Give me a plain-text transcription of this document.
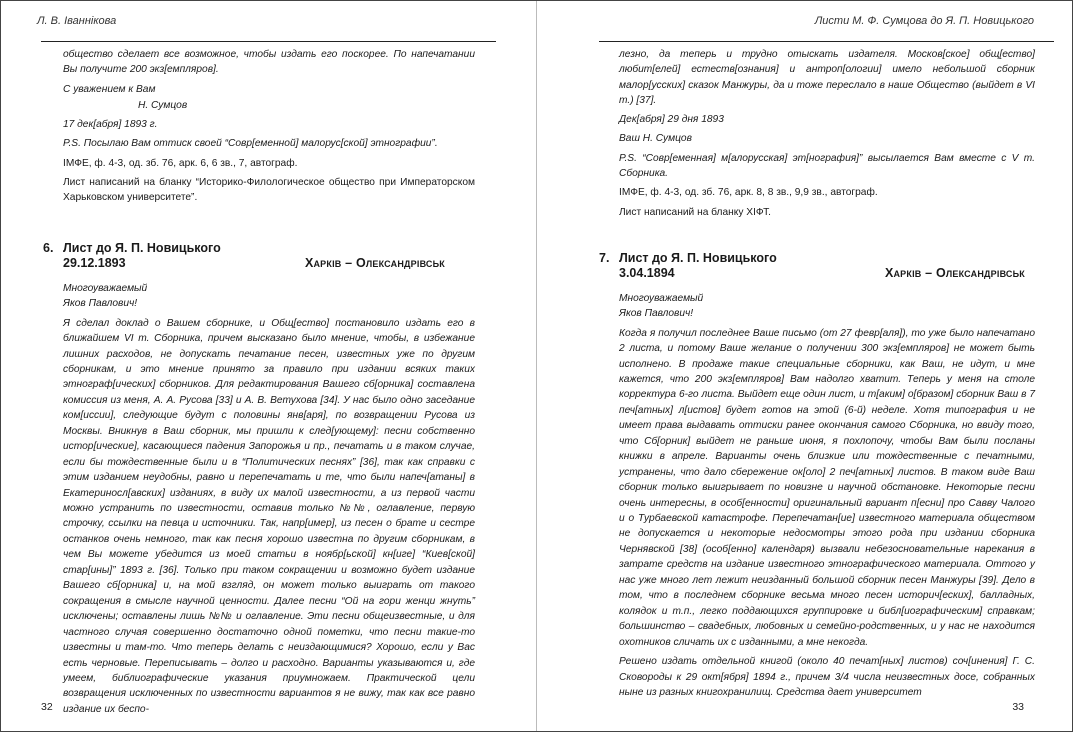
Л. В. Іваннікова

общество сделает все возможное, чтобы издать его поскорее. По напечатании Вы получите 200 экз[емпляров].

С уважением к Вам

Н. Сумцов

17 дек[абря] 1893 г.

P.S. Посылаю Вам оттиск своей “Совр[еменной] малорус[ской] этнографии”.

ІМФЕ, ф. 4-3, од. зб. 76, арк. 6, 6 зв., 7, автограф.

Лист написаний на бланку “Историко-Филологическое общество при Императорском Харьковском университете”.

6. Лист до Я. П. Новицького
29.12.1893	Харків – Олександрівськ

Многоуважаемый

Яков Павлович!

Я сделал доклад о Вашем сборнике, и Общ[ество] постановило издать его в ближайшем VI т. Сборника, причем высказано было мнение, чтобы, в избежание лишних расходов, не допускать печатание песен, известных уже по другим сборникам, и это мнение принято за правило при издании всяких таких этнограф[ических] сборников. Для редактирования Вашего сб[орника] составлена комиссия из меня, А. А. Русова [33] и А. В. Ветухова [34]. У нас было одно заседание ком[иссии], следующие будут с половины янв[аря], по возвращении Русова из Москвы. Вникнув в Ваш сборник, мы пришли к след[ующему]: песни собственно истор[ические], касающиеся падения Запорожья и пр., печатать и в таком случае, если бы тождественные были и в “Политических песнях” [36], так как справки с этим изданием неудобны, равно и перепечатать и те, что были напеч[атаны] в Екатериносл[авских] изданиях, в виду их малой известности, а из первой части можно устранить по известности, оставив только №№, оглавление, первую строчку, ссылки на певца и источники. Так, напр[имер], из песен о брате и сестре останков очень немного, так как песня хорошо известна по другим сборникам, в чем Вы можете убедится из моей статьи в ноябр[ьской] кн[иге] “Киев[ской] стар[ины]” 1893 г. [36]. Только при таком сокращении и возможно будет издание Вашего сб[орника] и, на мой взгляд, он может только выиграть от такого сокращения в смысле научной ценности. Далее песни “Ой на гори женци жнуть” исключены; оставлены лишь №№ и оглавление. Эти песни общеизвестные, и для частного случая совершенно достаточно одной пометки, что песни такие-то известны и там-то. Что теперь делать с неиздающимися? Хорошо, если у Вас есть черновые. Переписывать – долго и расходно. Варианты указываются и, где умеем, библиографические указания приумножаем. Практической цели возвращения исключенных по известности вариантов я не вижу, так как все равно издание их беспо-

32
Листи М. Ф. Сумцова до Я. П. Новицького

лезно, да теперь и трудно отыскать издателя. Москов[ское] общ[ество] любит[елей] естеств[ознания] и антроп[ологии] имело небольшой сборник малор[усских] сказок Манжуры, да и тоже переслало в наше Общество (выйдет в VI т.) [37].

Дек[абря] 29 дня 1893

Ваш Н. Сумцов

P.S. “Совр[еменная] м[алорусская] эт[нография]” высылается Вам вместе с V т. Сборника.

ІМФЕ, ф. 4-3, од. зб. 76, арк. 8, 8 зв., 9,9 зв., автограф.

Лист написаний на бланку ХІФТ.

7. Лист до Я. П. Новицького
3.04.1894	Харків – Олександрівськ

Многоуважаемый

Яков Павлович!

Когда я получил последнее Ваше письмо (от 27 февр[аля]), то уже было напечатано 2 листа, и потому Ваше желание о получении 300 экз[емпляров] не может быть исполнено. В продаже такие специальные сборники, как Ваш, не идут, и мне кажется, что 200 экз[емпляров] Вам надолго хватит. Теперь у меня на столе корректура 6-го листа. Выйдет еще один лист, и т[аким] о[бразом] сборник Ваш в 7 печ[атных] л[истов] будет готов на этой (6-й) неделе. Хотя типография и не имеет права выдавать оттиски ранее окончания самого Сборника, но ввиду того, что Сб[орник] выйдет не раньше июня, я похлопочу, чтобы Вам были посланы книжки в апреле. Варианты очень близкие или тождественные с печатными, устранены, что дало сбережение ок[оло] 2 печ[атных] листов. В таком виде Ваш сборник только выигрывает по новизне и научной обстановке. Некоторые песни очень интересны, в особ[енности] оригинальный вариант п[есни] про Савву Чалого и о Турбаевской катастрофе. Перепечатан[ие] известного материала обществом не допускается и некоторые недосмотры этого рода при издании сборника Чернявской [38] (особ[енно] календаря) вызвали небезосновательные нарекания в затрате средств на издание известного этнографического материала. Оттого у нас уже много лет лежит неизданный большой сборник песен Манжуры [39]. Дело в том, что в последнем сборнике весьма много песен историч[еских], балладных, колядок и т.п., легко поддающихся группировке и библ[иографическим] справкам; большинство – свадебных, любовных и семейно-родственных, и у нас не находится охотников сличать их с изданными, а мне некогда.

Решено издать отдельной книгой (около 40 печат[ных] листов) соч[инения] Г. С. Сковороды к 29 окт[ября] 1894 г., причем 3/4 числа неизвестных досе, собранных ныне из разных книгохранилищ. Средства дает университет

33
